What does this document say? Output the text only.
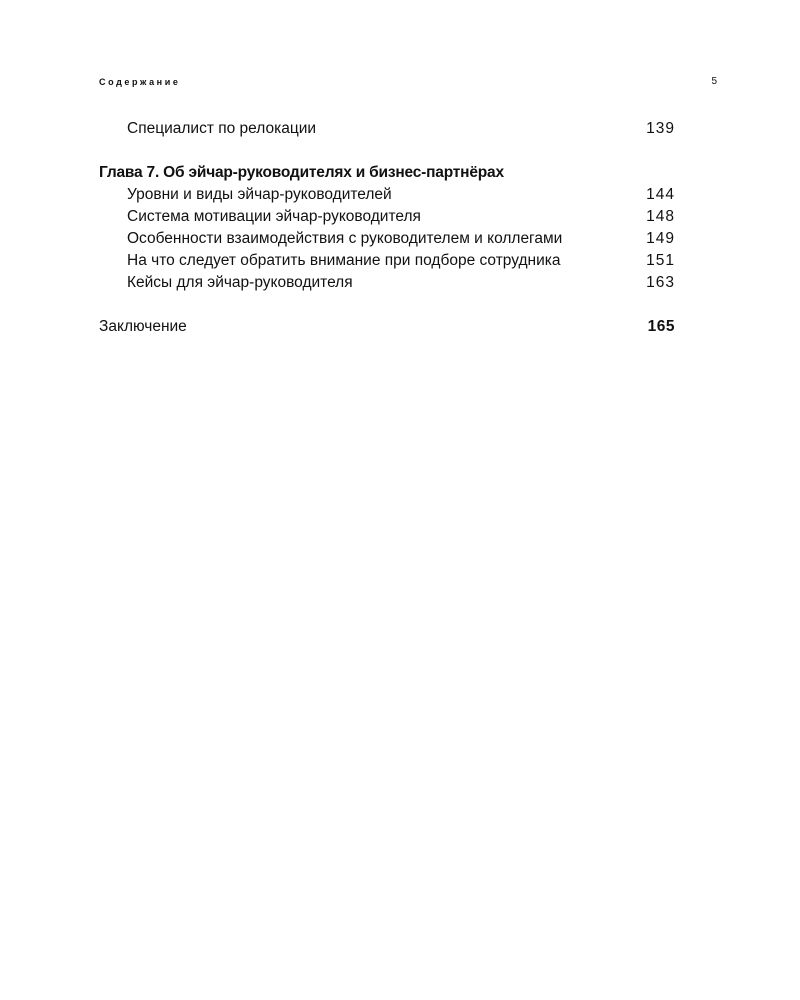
Содержание	5
Специалист по релокации	139
Глава 7. Об эйчар-руководителях и бизнес-партнёрах
Уровни и виды эйчар-руководителей	144
Система мотивации эйчар-руководителя	148
Особенности взаимодействия с руководителем и коллегами	149
На что следует обратить внимание при подборе сотрудника	151
Кейсы для эйчар-руководителя	163
Заключение	165
